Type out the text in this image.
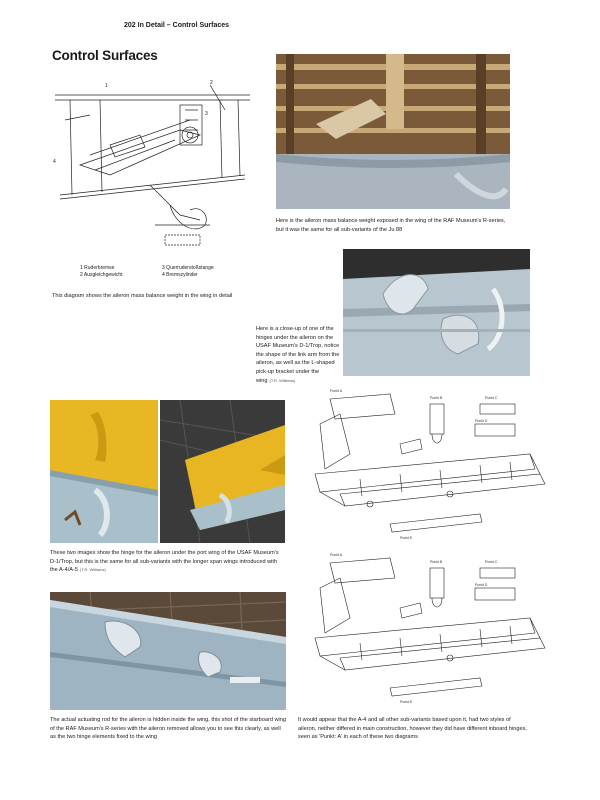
202 In Detail – Control Surfaces
Control Surfaces
2
3
4
1
1 Ruderbremse	3 Querruderstoßstange
2 Ausgleichgewicht	4 Bremszylinder
This diagram shows the aileron mass balance weight in the wing in detail
Here is the aileron mass balance weight exposed in the wing of the RAF Museum's R-series, but it was the same for all sub-variants of the Ju 88
Here is a close-up of one of the hinges under the aileron on the USAF Museum's D-1/Trop, notice the shape of the link arm from the aileron, as well as the L-shaped pick-up bracket under the wing (T.R. Williams)
These two images show the hinge for the aileron under the port wing of the USAF Museum's D-1/Trop, but this is the same for all sub-variants with the longer span wings introduced with the A-4/A-5 (T.R. Williams)
The actual actuating rod for the aileron is hidden inside the wing, this shot of the starboard wing of the RAF Museum's R-series with the aileron removed allows you to see this clearly, as well as the two hinge elements fixed to the wing
Punkt A
Punkt B	Punkt C
Punkt D
Punkt E
Punkt A
Punkt B	Punkt C
Punkt D
Punkt E
It would appear that the A-4 and all other sub-variants based upon it, had two styles of aileron, neither differed in main construction, however they did have different inboard hinges, seen as 'Punkt: A' in each of these two diagrams
